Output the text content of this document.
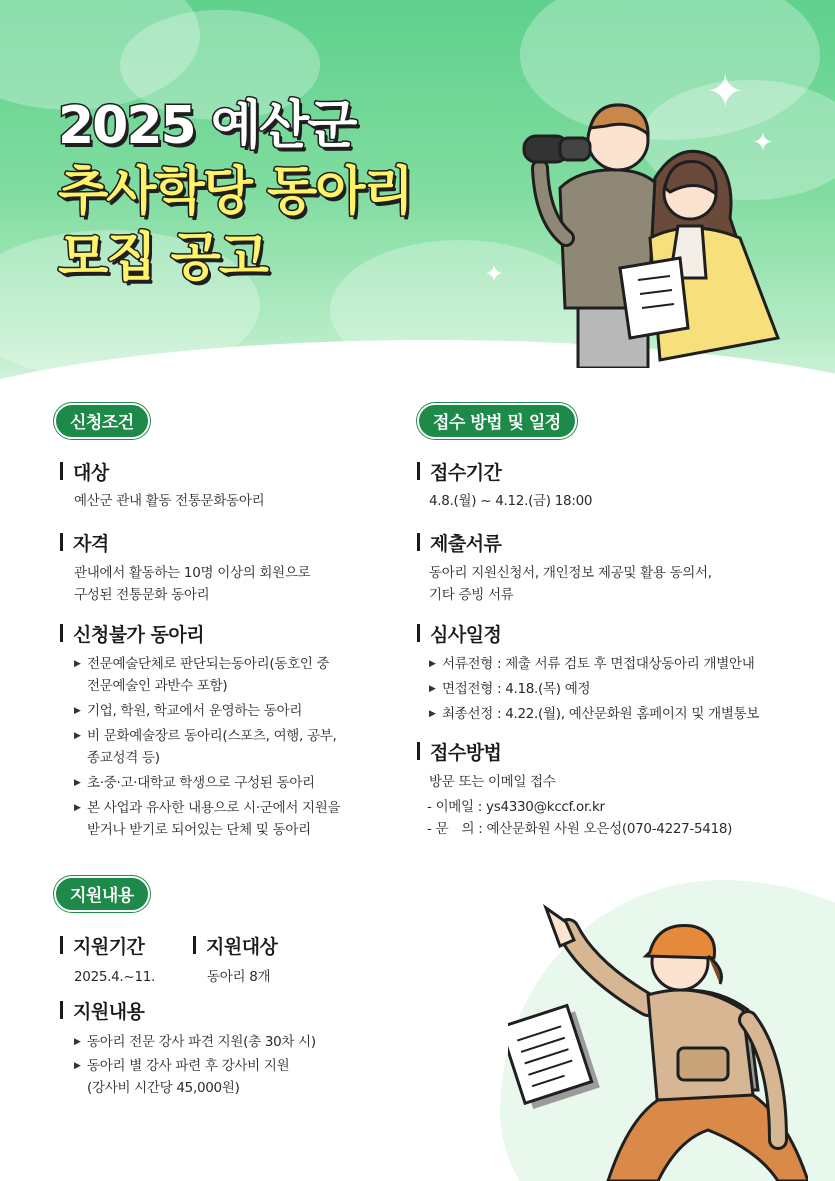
2025 예산군
추사학당 동아리
모집 공고
✦
✦
✦
신청조건	접수 방법 및 일정
지원내용
대상
예산군 관내 활동 전통문화동아리
자격
관내에서 활동하는 10명 이상의 회원으로
구성된 전통문화 동아리
신청불가 동아리
▶ 전문예술단체로 판단되는동아리(동호인 중
전문예술인 과반수 포함)
▶ 기업, 학원, 학교에서 운영하는 동아리
▶ 비 문화예술장르 동아리(스포츠, 여행, 공부,
종교성격 등)
▶ 초·중·고·대학교 학생으로 구성된 동아리
▶ 본 사업과 유사한 내용으로 시·군에서 지원을
받거나 받기로 되어있는 단체 및 동아리
접수기간
4.8.(월) ~ 4.12.(금) 18:00
제출서류
동아리 지원신청서, 개인정보 제공및 활용 동의서,
기타 증빙 서류
심사일정
▶ 서류전형 : 제출 서류 검토 후 면접대상동아리 개별안내
▶ 면접전형 : 4.18.(목) 예정
▶ 최종선정 : 4.22.(월), 예산문화원 홈페이지 및 개별통보
접수방법
방문 또는 이메일 접수
- 이메일 : ys4330@kccf.or.kr
- 문　의 : 예산문화원 사원 오은성(070-4227-5418)
지원기간
2025.4.~11.
지원대상
동아리 8개
지원내용
▶ 동아리 전문 강사 파견 지원(총 30차 시)
▶ 동아리 별 강사 파련 후 강사비 지원
(강사비 시간당 45,000원)
